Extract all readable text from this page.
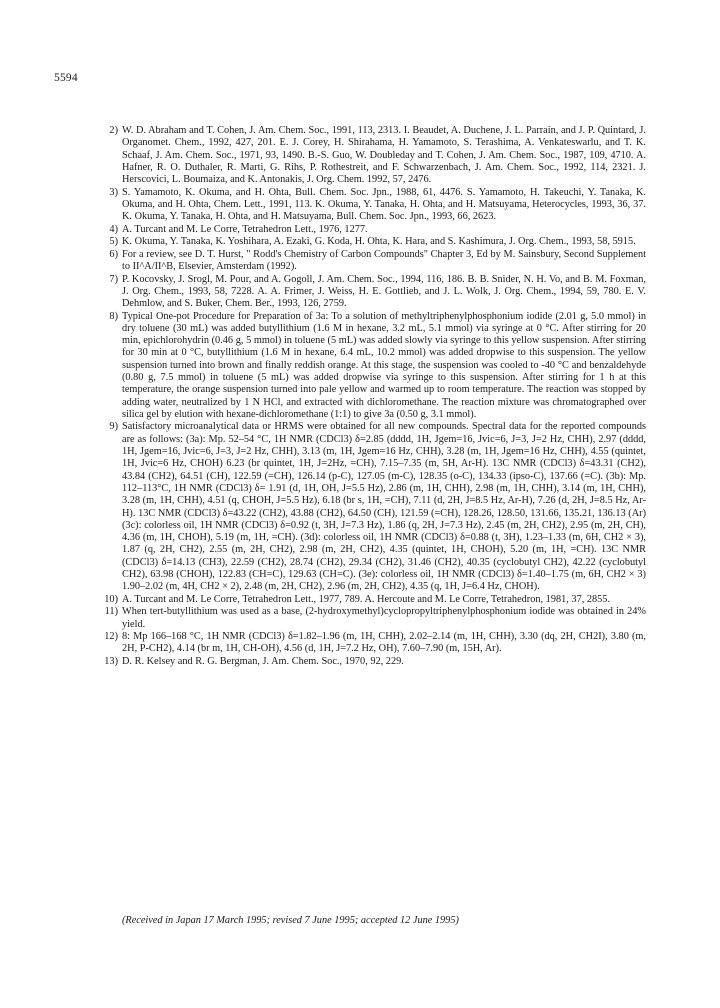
5594
2) W. D. Abraham and T. Cohen, J. Am. Chem. Soc., 1991, 113, 2313. I. Beaudet, A. Duchene, J. L. Parrain, and J. P. Quintard, J. Organomet. Chem., 1992, 427, 201. E. J. Corey, H. Shirahama, H. Yamamoto, S. Terashima, A. Venkateswarlu, and T. K. Schaaf, J. Am. Chem. Soc., 1971, 93, 1490. B.-S. Guo, W. Doubleday and T. Cohen, J. Am. Chem. Soc., 1987, 109, 4710. A. Hafner, R. O. Duthaler, R. Marti, G. Rihs, P. Rothestreit, and F. Schwarzenbach, J. Am. Chem. Soc., 1992, 114, 2321. J. Herscovici, L. Boumaiza, and K. Antonakis, J. Org. Chem. 1992, 57, 2476.
3) S. Yamamoto, K. Okuma, and H. Ohta, Bull. Chem. Soc. Jpn., 1988, 61, 4476. S. Yamamoto, H. Takeuchi, Y. Tanaka, K. Okuma, and H. Ohta, Chem. Lett., 1991, 113. K. Okuma, Y. Tanaka, H. Ohta, and H. Matsuyama, Heterocycles, 1993, 36, 37. K. Okuma, Y. Tanaka, H. Ohta, and H. Matsuyama, Bull. Chem. Soc. Jpn., 1993, 66, 2623.
4) A. Turcant and M. Le Corre, Tetrahedron Lett., 1976, 1277.
5) K. Okuma, Y. Tanaka, K. Yoshihara, A. Ezaki, G. Koda, H. Ohta, K. Hara, and S. Kashimura, J. Org. Chem., 1993, 58, 5915.
6) For a review, see D. T. Hurst, " Rodd's Chemistry of Carbon Compounds" Chapter 3, Ed by M. Sainsbury, Second Supplement to II^A/II^B, Elsevier, Amsterdam (1992).
7) P. Kocovsky, J. Srogl, M. Pour, and A. Gogoll, J. Am. Chem. Soc., 1994, 116, 186. B. B. Snider, N. H. Vo, and B. M. Foxman, J. Org. Chem., 1993, 58, 7228. A. A. Frimer, J. Weiss, H. E. Gottlieb, and J. L. Wolk, J. Org. Chem., 1994, 59, 780. E. V. Dehmlow, and S. Buker, Chem. Ber., 1993, 126, 2759.
8) Typical One-pot Procedure for Preparation of 3a: To a solution of methyltriphenylphosphonium iodide (2.01 g, 5.0 mmol) in dry toluene (30 mL) was added butyllithium (1.6 M in hexane, 3.2 mL, 5.1 mmol) via syringe at 0 °C. After stirring for 20 min, epichlorohydrin (0.46 g, 5 mmol) in toluene (5 mL) was added slowly via syringe to this yellow suspension. After stirring for 30 min at 0 °C, butyllithium (1.6 M in hexane, 6.4 mL, 10.2 mmol) was added dropwise to this suspension. The yellow suspension turned into brown and finally reddish orange. At this stage, the suspension was cooled to -40 °C and benzaldehyde (0.80 g, 7.5 mmol) in toluene (5 mL) was added dropwise via syringe to this suspension. After stirring for 1 h at this temperature, the orange suspension turned into pale yellow and warmed up to room temperature. The reaction was stopped by adding water, neutralized by 1 N HCl, and extracted with dichloromethane. The reaction mixture was chromatographed over silica gel by elution with hexane-dichloromethane (1:1) to give 3a (0.50 g, 3.1 mmol).
9) Satisfactory microanalytical data or HRMS were obtained for all new compounds. Spectral data for the reported compounds are as follows: (3a): Mp. 52–54 °C, 1H NMR (CDCl3) δ=2.85 (dddd, 1H, Jgem=16, Jvic=6, J=3, J=2 Hz, CHH), 2.97 (dddd, 1H, Jgem=16, Jvic=6, J=3, J=2 Hz, CHH), 3.13 (m, 1H, Jgem=16 Hz, CHH), 3.28 (m, 1H, Jgem=16 Hz, CHH), 4.55 (quintet, 1H, Jvic=6 Hz, CHOH) 6.23 (br quintet, 1H, J=2Hz, =CH), 7.15–7.35 (m, 5H, Ar-H). 13C NMR (CDCl3) δ=43.31 (CH2), 43.84 (CH2), 64.51 (CH), 122.59 (=CH), 126.14 (p-C), 127.05 (m-C), 128.35 (o-C), 134.33 (ipso-C), 137.66 (=C). (3b): Mp. 112–113°C, 1H NMR (CDCl3) δ= 1.91 (d, 1H, OH, J=5.5 Hz), 2.86 (m, 1H, CHH), 2.98 (m, 1H, CHH), 3.14 (m, 1H, CHH), 3.28 (m, 1H, CHH), 4.51 (q, CHOH, J=5.5 Hz), 6.18 (br s, 1H, =CH), 7.11 (d, 2H, J=8.5 Hz, Ar-H), 7.26 (d, 2H, J=8.5 Hz, Ar-H). 13C NMR (CDCl3) δ=43.22 (CH2), 43.88 (CH2), 64.50 (CH), 121.59 (=CH), 128.26, 128.50, 131.66, 135.21, 136.13 (Ar) (3c): colorless oil, 1H NMR (CDCl3) δ=0.92 (t, 3H, J=7.3 Hz), 1.86 (q, 2H, J=7.3 Hz), 2.45 (m, 2H, CH2), 2.95 (m, 2H, CH), 4.36 (m, 1H, CHOH), 5.19 (m, 1H, =CH). (3d): colorless oil, 1H NMR (CDCl3) δ=0.88 (t, 3H), 1.23–1.33 (m, 6H, CH2 × 3), 1.87 (q, 2H, CH2), 2.55 (m, 2H, CH2), 2.98 (m, 2H, CH2), 4.35 (quintet, 1H, CHOH), 5.20 (m, 1H, =CH). 13C NMR (CDCl3) δ=14.13 (CH3), 22.59 (CH2), 28.74 (CH2), 29.34 (CH2), 31.46 (CH2), 40.35 (cyclobutyl CH2), 42.22 (cyclobutyl CH2), 63.98 (CHOH), 122.83 (CH=C), 129.63 (CH=C). (3e): colorless oil, 1H NMR (CDCl3) δ=1.40–1.75 (m, 6H, CH2 × 3) 1.90–2.02 (m, 4H, CH2 × 2), 2.48 (m, 2H, CH2), 2.96 (m, 2H, CH2), 4.35 (q, 1H, J=6.4 Hz, CHOH).
10) A. Turcant and M. Le Corre, Tetrahedron Lett., 1977, 789. A. Hercoute and M. Le Corre, Tetrahedron, 1981, 37, 2855.
11) When tert-butyllithium was used as a base, (2-hydroxymethyl)cyclopropyltriphenylphosphonium iodide was obtained in 24% yield.
12) 8: Mp 166–168 °C, 1H NMR (CDCl3) δ=1.82–1.96 (m, 1H, CHH), 2.02–2.14 (m, 1H, CHH), 3.30 (dq, 2H, CH2I), 3.80 (m, 2H, P-CH2), 4.14 (br m, 1H, CH-OH), 4.56 (d, 1H, J=7.2 Hz, OH), 7.60–7.90 (m, 15H, Ar).
13) D. R. Kelsey and R. G. Bergman, J. Am. Chem. Soc., 1970, 92, 229.
(Received in Japan 17 March 1995; revised 7 June 1995; accepted 12 June 1995)
